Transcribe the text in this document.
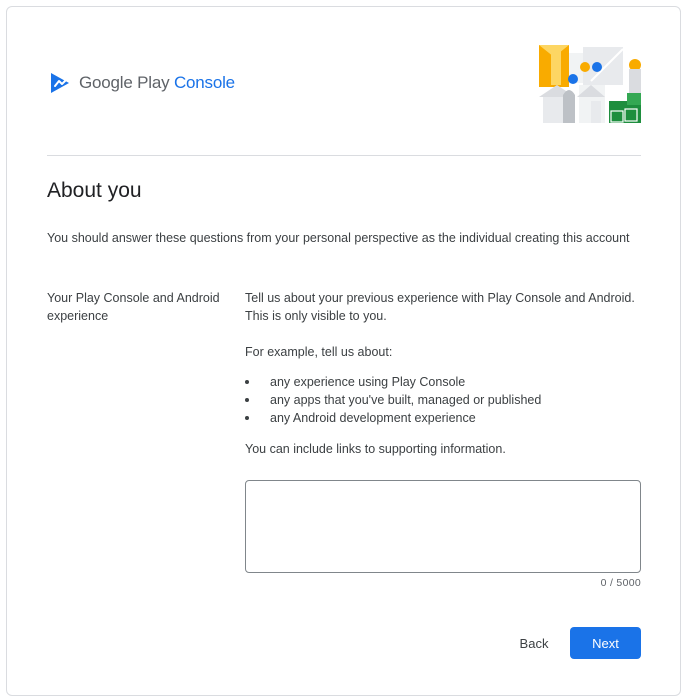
Google Play Console
About you

You should answer these questions from your personal perspective as the individual creating this account

Your Play Console and Android experience

Tell us about your previous experience with Play Console and Android. This is only visible to you.

For example, tell us about:

any experience using Play Console
any apps that you've built, managed or published
any Android development experience

You can include links to supporting information.

0 / 5000
Back	Next
